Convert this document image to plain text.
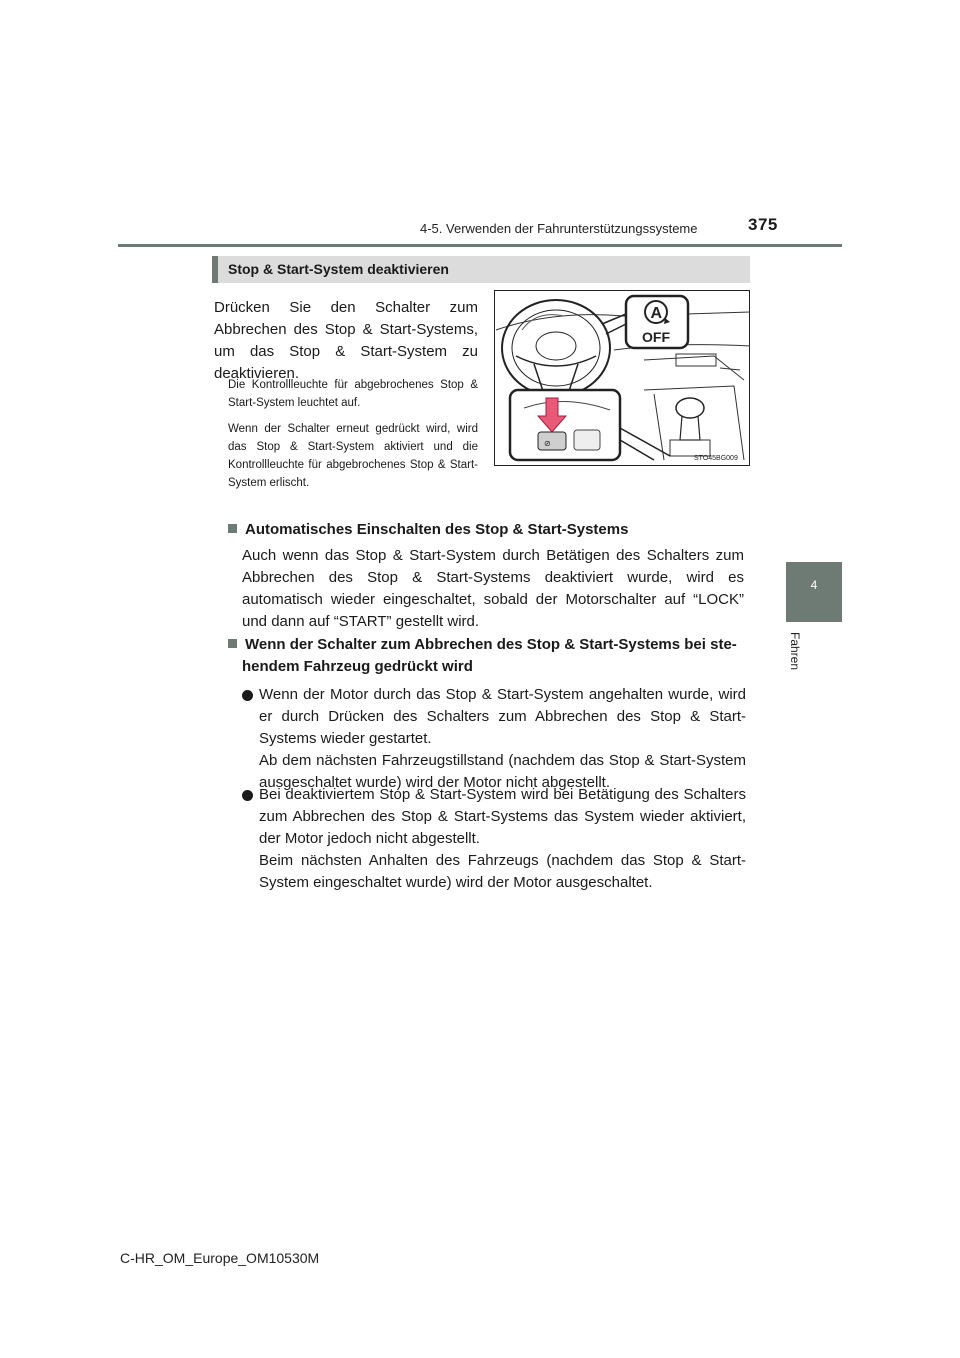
4-5. Verwenden der Fahrunterstützungssysteme	375
4
Fahren
Stop & Start-System deaktivieren
Drücken Sie den Schalter zum Abbrechen des Stop & Start-Systems, um das Stop & Start-System zu deaktivieren.
Die Kontrollleuchte für abgebrochenes Stop & Start-System leuchtet auf.
Wenn der Schalter erneut gedrückt wird, wird das Stop & Start-System aktiviert und die Kontrollleuchte für abgebrochenes Stop & Start-System erlischt.
A
OFF
⊘
STO45BG009
Automatisches Einschalten des Stop & Start-Systems
Auch wenn das Stop & Start-System durch Betätigen des Schalters zum Abbrechen des Stop & Start-Systems deaktiviert wurde, wird es automatisch wieder eingeschaltet, sobald der Motorschalter auf “LOCK” und dann auf “START” gestellt wird.
Wenn der Schalter zum Abbrechen des Stop & Start-Systems bei ste-
hendem Fahrzeug gedrückt wird
Wenn der Motor durch das Stop & Start-System angehalten wurde, wird er durch Drücken des Schalters zum Abbrechen des Stop & Start-Systems wieder gestartet.
Ab dem nächsten Fahrzeugstillstand (nachdem das Stop & Start-System ausgeschaltet wurde) wird der Motor nicht abgestellt.
Bei deaktiviertem Stop & Start-System wird bei Betätigung des Schalters zum Abbrechen des Stop & Start-Systems das System wieder aktiviert, der Motor jedoch nicht abgestellt.
Beim nächsten Anhalten des Fahrzeugs (nachdem das Stop & Start-System eingeschaltet wurde) wird der Motor ausgeschaltet.
C-HR_OM_Europe_OM10530M
